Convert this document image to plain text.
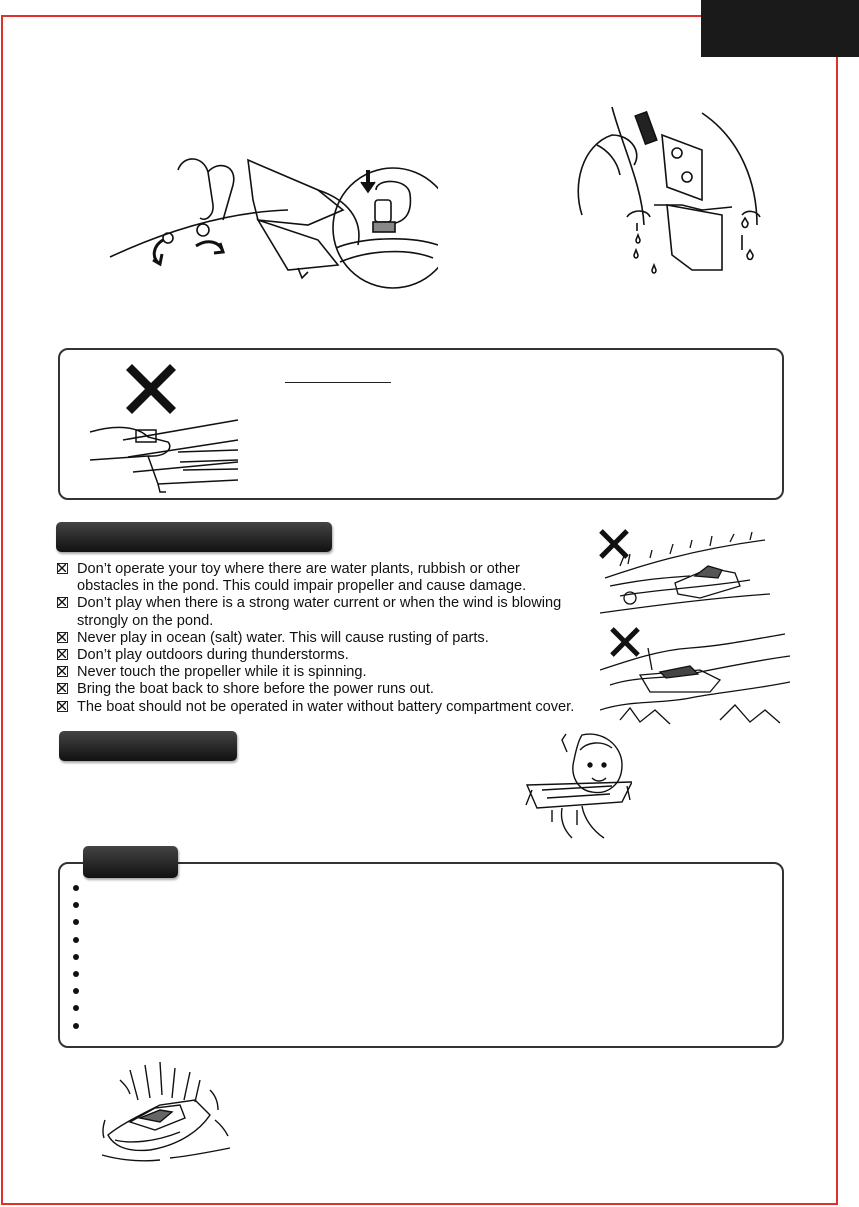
Don’t operate your toy where there are water plants, rubbish or other
obstacles in the pond. This could impair propeller and cause damage.
Don’t play when there is a strong water current or when the wind is blowing
strongly on the pond.
Never play in ocean (salt) water. This will cause rusting of parts.
Don’t play outdoors during thunderstorms.
Never touch the propeller while it is spinning.
Bring the boat back to shore before the power runs out.
The boat should not be operated in water without battery compartment cover.
